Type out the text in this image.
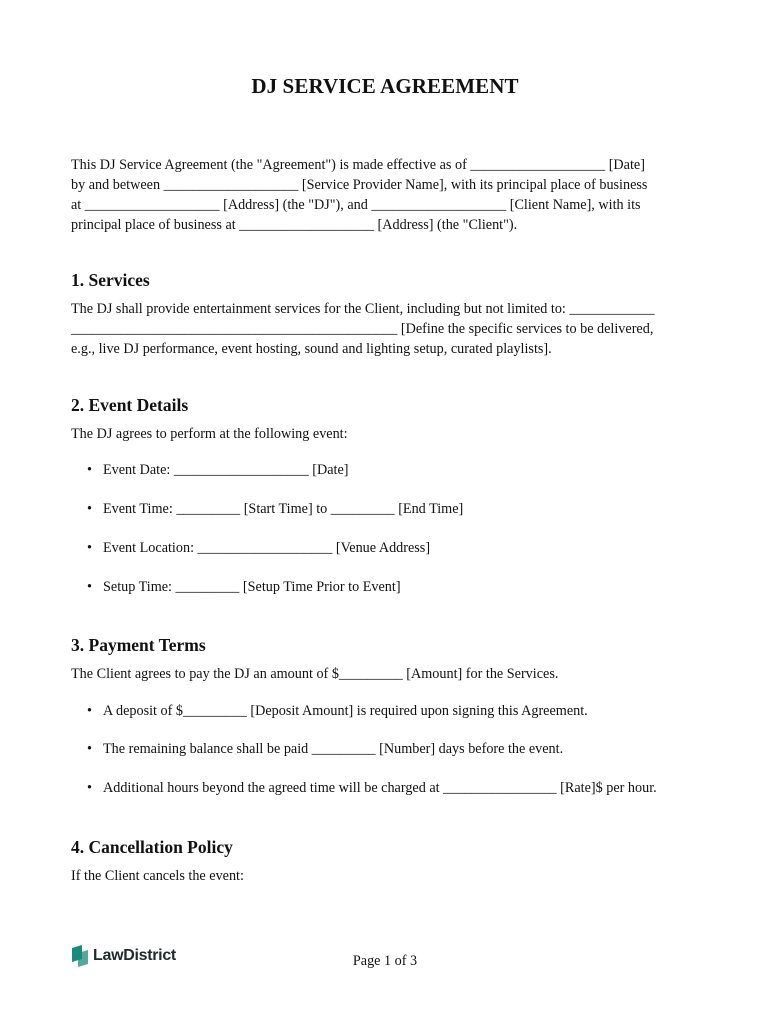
DJ SERVICE AGREEMENT
This DJ Service Agreement (the "Agreement") is made effective as of ___________________ [Date]
by and between ___________________ [Service Provider Name], with its principal place of business
at ___________________ [Address] (the "DJ"), and ___________________ [Client Name], with its
principal place of business at ___________________ [Address] (the "Client").
1. Services
The DJ shall provide entertainment services for the Client, including but not limited to: ____________
______________________________________________ [Define the specific services to be delivered,
e.g., live DJ performance, event hosting, sound and lighting setup, curated playlists].
2. Event Details
The DJ agrees to perform at the following event:
• Event Date: ___________________ [Date]
• Event Time: _________ [Start Time] to _________ [End Time]
• Event Location: ___________________ [Venue Address]
• Setup Time: _________ [Setup Time Prior to Event]
3. Payment Terms
The Client agrees to pay the DJ an amount of $_________ [Amount] for the Services.
• A deposit of $_________ [Deposit Amount] is required upon signing this Agreement.
• The remaining balance shall be paid _________ [Number] days before the event.
• Additional hours beyond the agreed time will be charged at ________________ [Rate]$ per hour.
4. Cancellation Policy
If the Client cancels the event:
LawDistrict	Page 1 of 3
